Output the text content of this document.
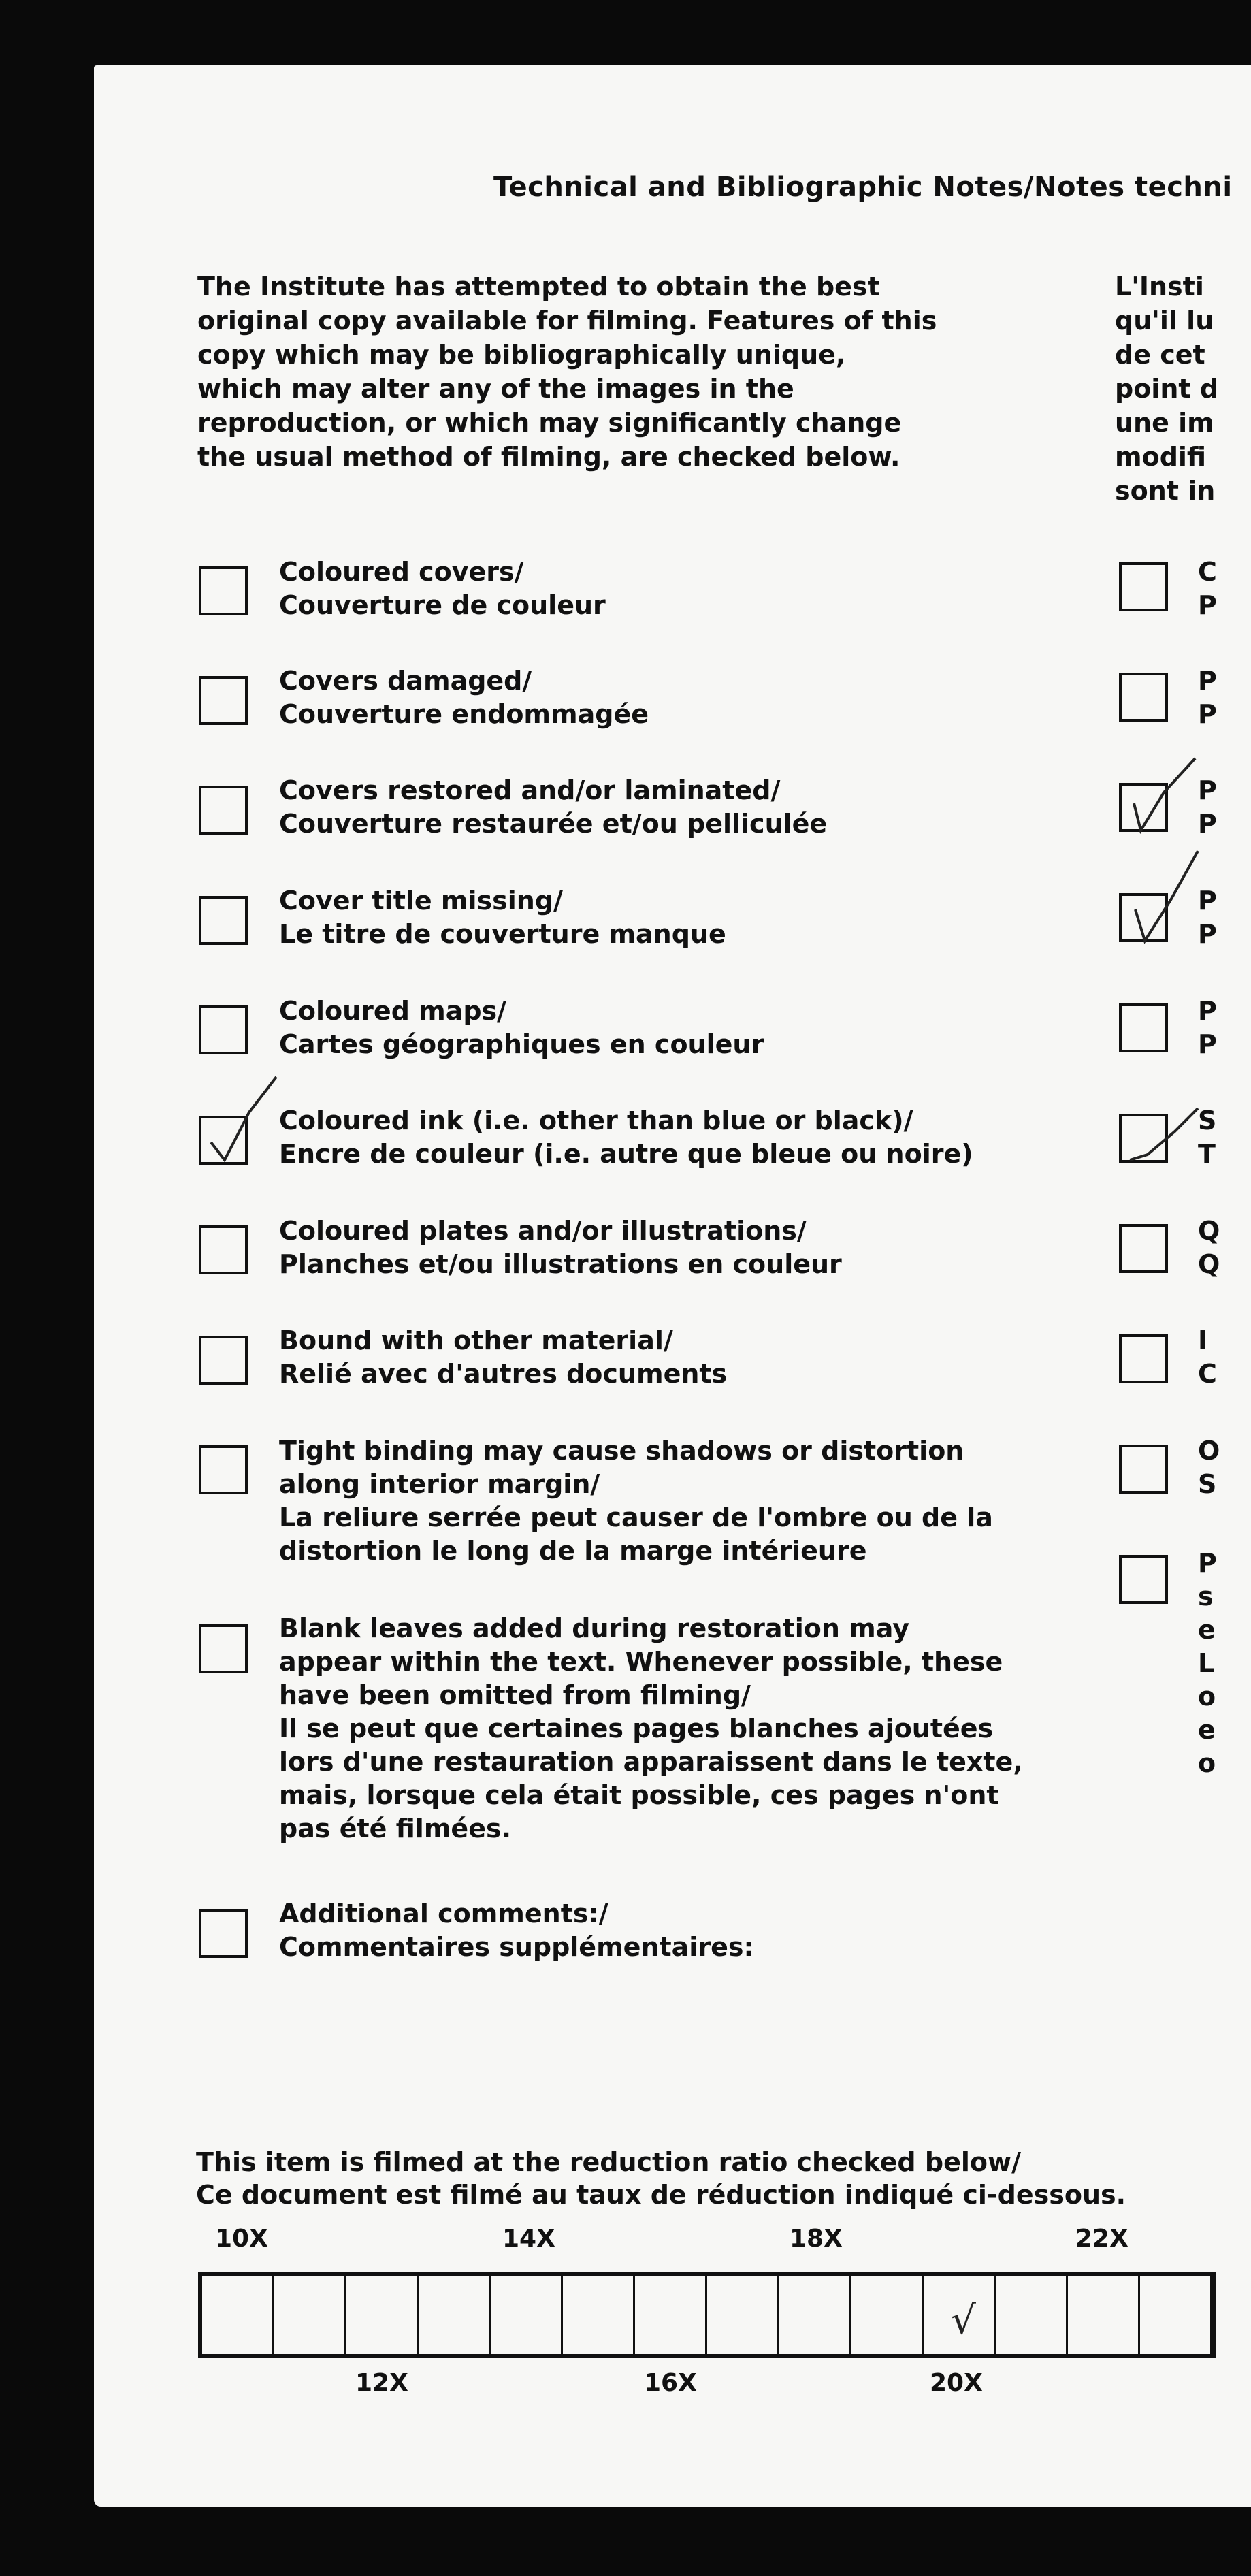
Technical and Bibliographic Notes/Notes techni
The Institute has attempted to obtain the best
original copy available for filming. Features of this
copy which may be bibliographically unique,
which may alter any of the images in the
reproduction, or which may significantly change
the usual method of filming, are checked below.
L'Insti
qu'il lu
de cet
point d
une im
modifi
sont in
Coloured covers/
Couverture de couleur
Covers damaged/
Couverture endommagée
Covers restored and/or laminated/
Couverture restaurée et/ou pelliculée
Cover title missing/
Le titre de couverture manque
Coloured maps/
Cartes géographiques en couleur
Coloured ink (i.e. other than blue or black)/
Encre de couleur (i.e. autre que bleue ou noire)
Coloured plates and/or illustrations/
Planches et/ou illustrations en couleur
Bound with other material/
Relié avec d'autres documents
Tight binding may cause shadows or distortion
along interior margin/
La reliure serrée peut causer de l'ombre ou de la
distortion le long de la marge intérieure
Blank leaves added during restoration may
appear within the text. Whenever possible, these
have been omitted from filming/
Il se peut que certaines pages blanches ajoutées
lors d'une restauration apparaissent dans le texte,
mais, lorsque cela était possible, ces pages n'ont
pas été filmées.
Additional comments:/
Commentaires supplémentaires:
C
P
P
P
P
P
P
P
P
P
S
T
Q
Q
I
C
O
S
P
s
e
L
o
e
o
This item is filmed at the reduction ratio checked below/
Ce document est filmé au taux de réduction indiqué ci-dessous.
10X	14X	18X	22X
√
12X	16X	20X
